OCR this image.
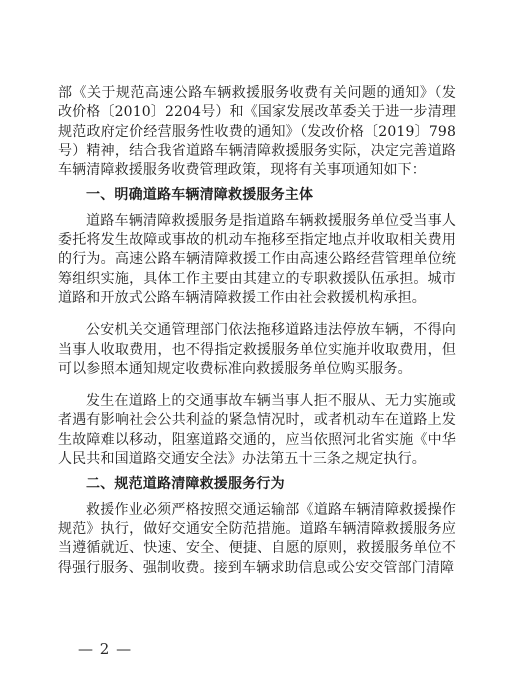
部《关于规范高速公路车辆救援服务收费有关问题的通知》（发改价格〔2010〕2204号）和《国家发展改革委关于进一步清理规范政府定价经营服务性收费的通知》（发改价格〔2019〕798号）精神，结合我省道路车辆清障救援服务实际，决定完善道路车辆清障救援服务收费管理政策，现将有关事项通知如下：

一、明确道路车辆清障救援服务主体

道路车辆清障救援服务是指道路车辆救援服务单位受当事人委托将发生故障或事故的机动车拖移至指定地点并收取相关费用的行为。高速公路车辆清障救援工作由高速公路经营管理单位统筹组织实施，具体工作主要由其建立的专职救援队伍承担。城市道路和开放式公路车辆清障救援工作由社会救援机构承担。

公安机关交通管理部门依法拖移道路违法停放车辆，不得向当事人收取费用，也不得指定救援服务单位实施并收取费用，但可以参照本通知规定收费标准向救援服务单位购买服务。

发生在道路上的交通事故车辆当事人拒不服从、无力实施或者遇有影响社会公共利益的紧急情况时，或者机动车在道路上发生故障难以移动，阻塞道路交通的，应当依照河北省实施《中华人民共和国道路交通安全法》办法第五十三条之规定执行。

二、规范道路清障救援服务行为

救援作业必须严格按照交通运输部《道路车辆清障救援操作规范》执行，做好交通安全防范措施。道路车辆清障救援服务应当遵循就近、快速、安全、便捷、自愿的原则，救援服务单位不得强行服务、强制收费。接到车辆求助信息或公安交管部门清障

— 2 —
